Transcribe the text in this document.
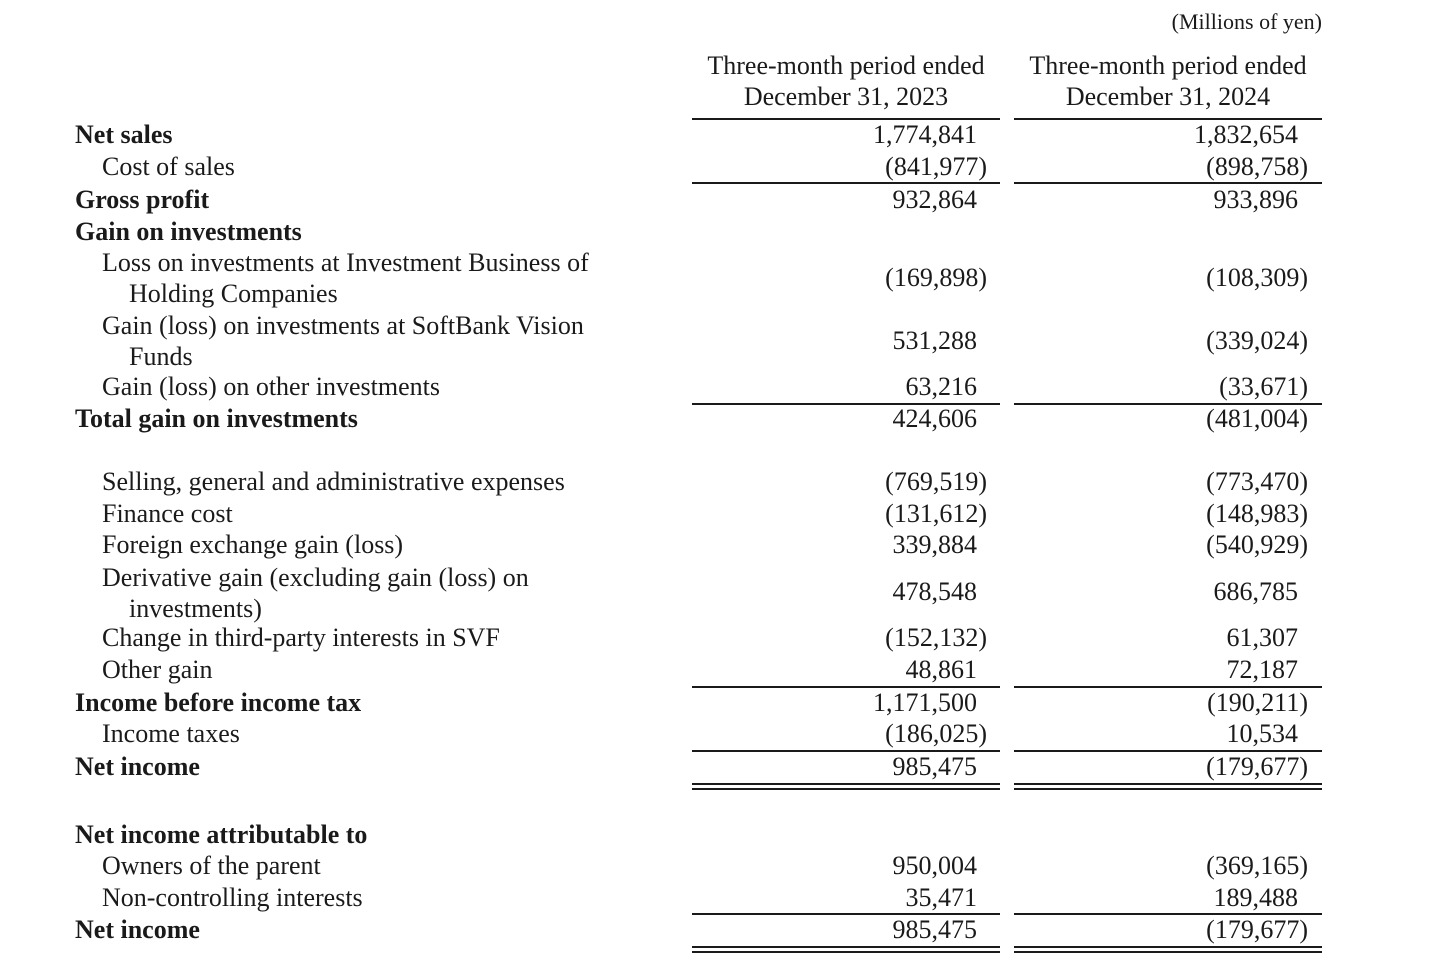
(Millions of yen)
Three-month period ended
December 31, 2023
Three-month period ended
December 31, 2024
Net sales	1,774,841	1,832,654
Cost of sales	(841,977)	(898,758)
Gross profit	932,864	933,896
Gain on investments
Loss on investments at Investment Business of
Holding Companies
(169,898)	(108,309)
Gain (loss) on investments at SoftBank Vision
Funds
531,288	(339,024)
Gain (loss) on other investments	63,216	(33,671)
Total gain on investments	424,606	(481,004)
Selling, general and administrative expenses	(769,519)	(773,470)
Finance cost	(131,612)	(148,983)
Foreign exchange gain (loss)	339,884	(540,929)
Derivative gain (excluding gain (loss) on
investments)
478,548	686,785
Change in third-party interests in SVF	(152,132)	61,307
Other gain	48,861	72,187
Income before income tax	1,171,500	(190,211)
Income taxes	(186,025)	10,534
Net income	985,475	(179,677)
Net income attributable to
Owners of the parent	950,004	(369,165)
Non-controlling interests	35,471	189,488
Net income	985,475	(179,677)
